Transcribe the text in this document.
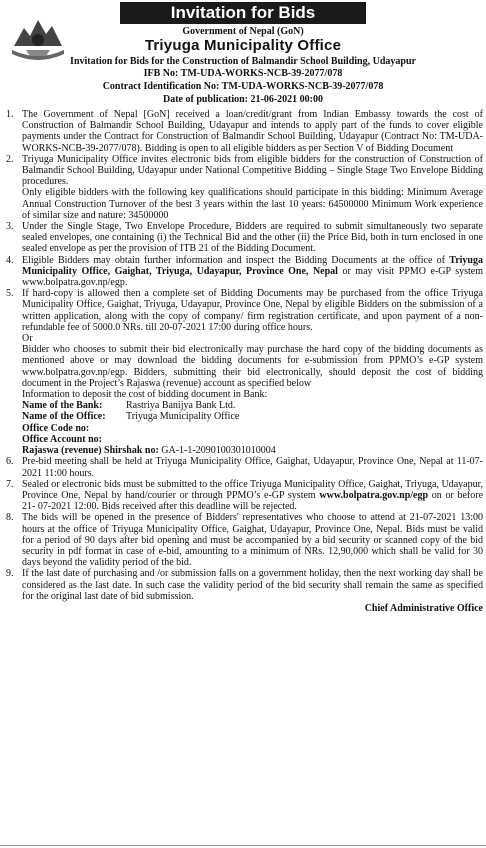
Invitation for Bids
Government of Nepal (GoN)
Triyuga Municipality Office
Invitation for Bids for the Construction of Balmandir School Building, Udayapur
IFB No: TM-UDA-WORKS-NCB-39-2077/078
Contract Identification No: TM-UDA-WORKS-NCB-39-2077/078
Date of publication: 21-06-2021 00:00
1. The Government of Nepal [GoN] received a loan/credit/grant from Indian Embassy towards the cost of Construction of Balmandir School Building, Udayapur and intends to apply part of the funds to cover eligible payments under the Contract for Construction of Balmandir School Building, Udayapur (Contract No: TM-UDA- WORKS-NCB-39-2077/078). Bidding is open to all eligible bidders as per Section V of Bidding Document

2. Triyuga Municipality Office invites electronic bids from eligible bidders for the construction of Construction of Balmandir School Building, Udayapur under National Competitive Bidding – Single Stage Two Envelope Bidding procedures.

Only eligible bidders with the following key qualifications should participate in this bidding: Minimum Average Annual Construction Turnover of the best 3 years within the last 10 years: 64500000 Minimum Work experience of similar size and nature: 34500000

3. Under the Single Stage, Two Envelope Procedure, Bidders are required to submit simultaneously two separate sealed envelopes, one containing (i) the Technical Bid and the other (ii) the Price Bid, both in turn enclosed in one sealed envelope as per the provision of ITB 21 of the Bidding Document.

4. Eligible Bidders may obtain further information and inspect the Bidding Documents at the office of Triyuga Municipality Office, Gaighat, Triyuga, Udayapur, Province One, Nepal or may visit PPMO e-GP system www.bolpatra.gov.np/egp.

5. If hard-copy is allowed then a complete set of Bidding Documents may be purchased from the office Triyuga Municipality Office, Gaighat, Triyuga, Udayapur, Province One, Nepal by eligible Bidders on the submission of a written application, along with the copy of company/ firm registration certificate, and upon payment of a non- refundable fee of 5000.0 NRs. till 20-07-2021 17:00 during office hours.

Or

Bidder who chooses to submit their bid electronically may purchase the hard copy of the bidding documents as mentioned above or may download the bidding documents for e-submission from PPMO’s e-GP system www.bolpatra.gov.np/egp. Bidders, submitting their bid electronically, should deposit the cost of bidding document in the Project’s Rajaswa (revenue) account as specified below

Information to deposit the cost of bidding document in Bank:

Name of the Bank:	Rastriya Banijya Bank Ltd.
Name of the Office:	Triyuga Municipality Office

Office Code no:

Office Account no:

Rajaswa (revenue) Shirshak no: GA-1-1-2090100301010004

6. Pre-bid meeting shall be held at Triyuga Municipality Office, Gaighat, Udayapur, Province One, Nepal at 11-07-2021 11:00 hours.

7. Sealed or electronic bids must be submitted to the office Triyuga Municipality Office, Gaighat, Triyuga, Udayapur, Province One, Nepal by hand/courier or through PPMO’s e-GP system www.bolpatra.gov.np/egp on or before 21- 07-2021 12:00. Bids received after this deadline will be rejected.

8. The bids will be opened in the presence of Bidders' representatives who choose to attend at 21-07-2021 13:00 hours at the office of Triyuga Municipality Office, Gaighat, Udayapur, Province One, Nepal. Bids must be valid for a period of 90 days after bid opening and must be accompanied by a bid security or scanned copy of the bid security in pdf format in case of e-bid, amounting to a minimum of NRs. 12,90,000 which shall be valid for 30 days beyond the validity period of the bid.

9. If the last date of purchasing and /or submission falls on a government holiday, then the next working day shall be considered as the last date. In such case the validity period of the bid security shall remain the same as specified for the original last date of bid submission.

Chief Administrative Office
